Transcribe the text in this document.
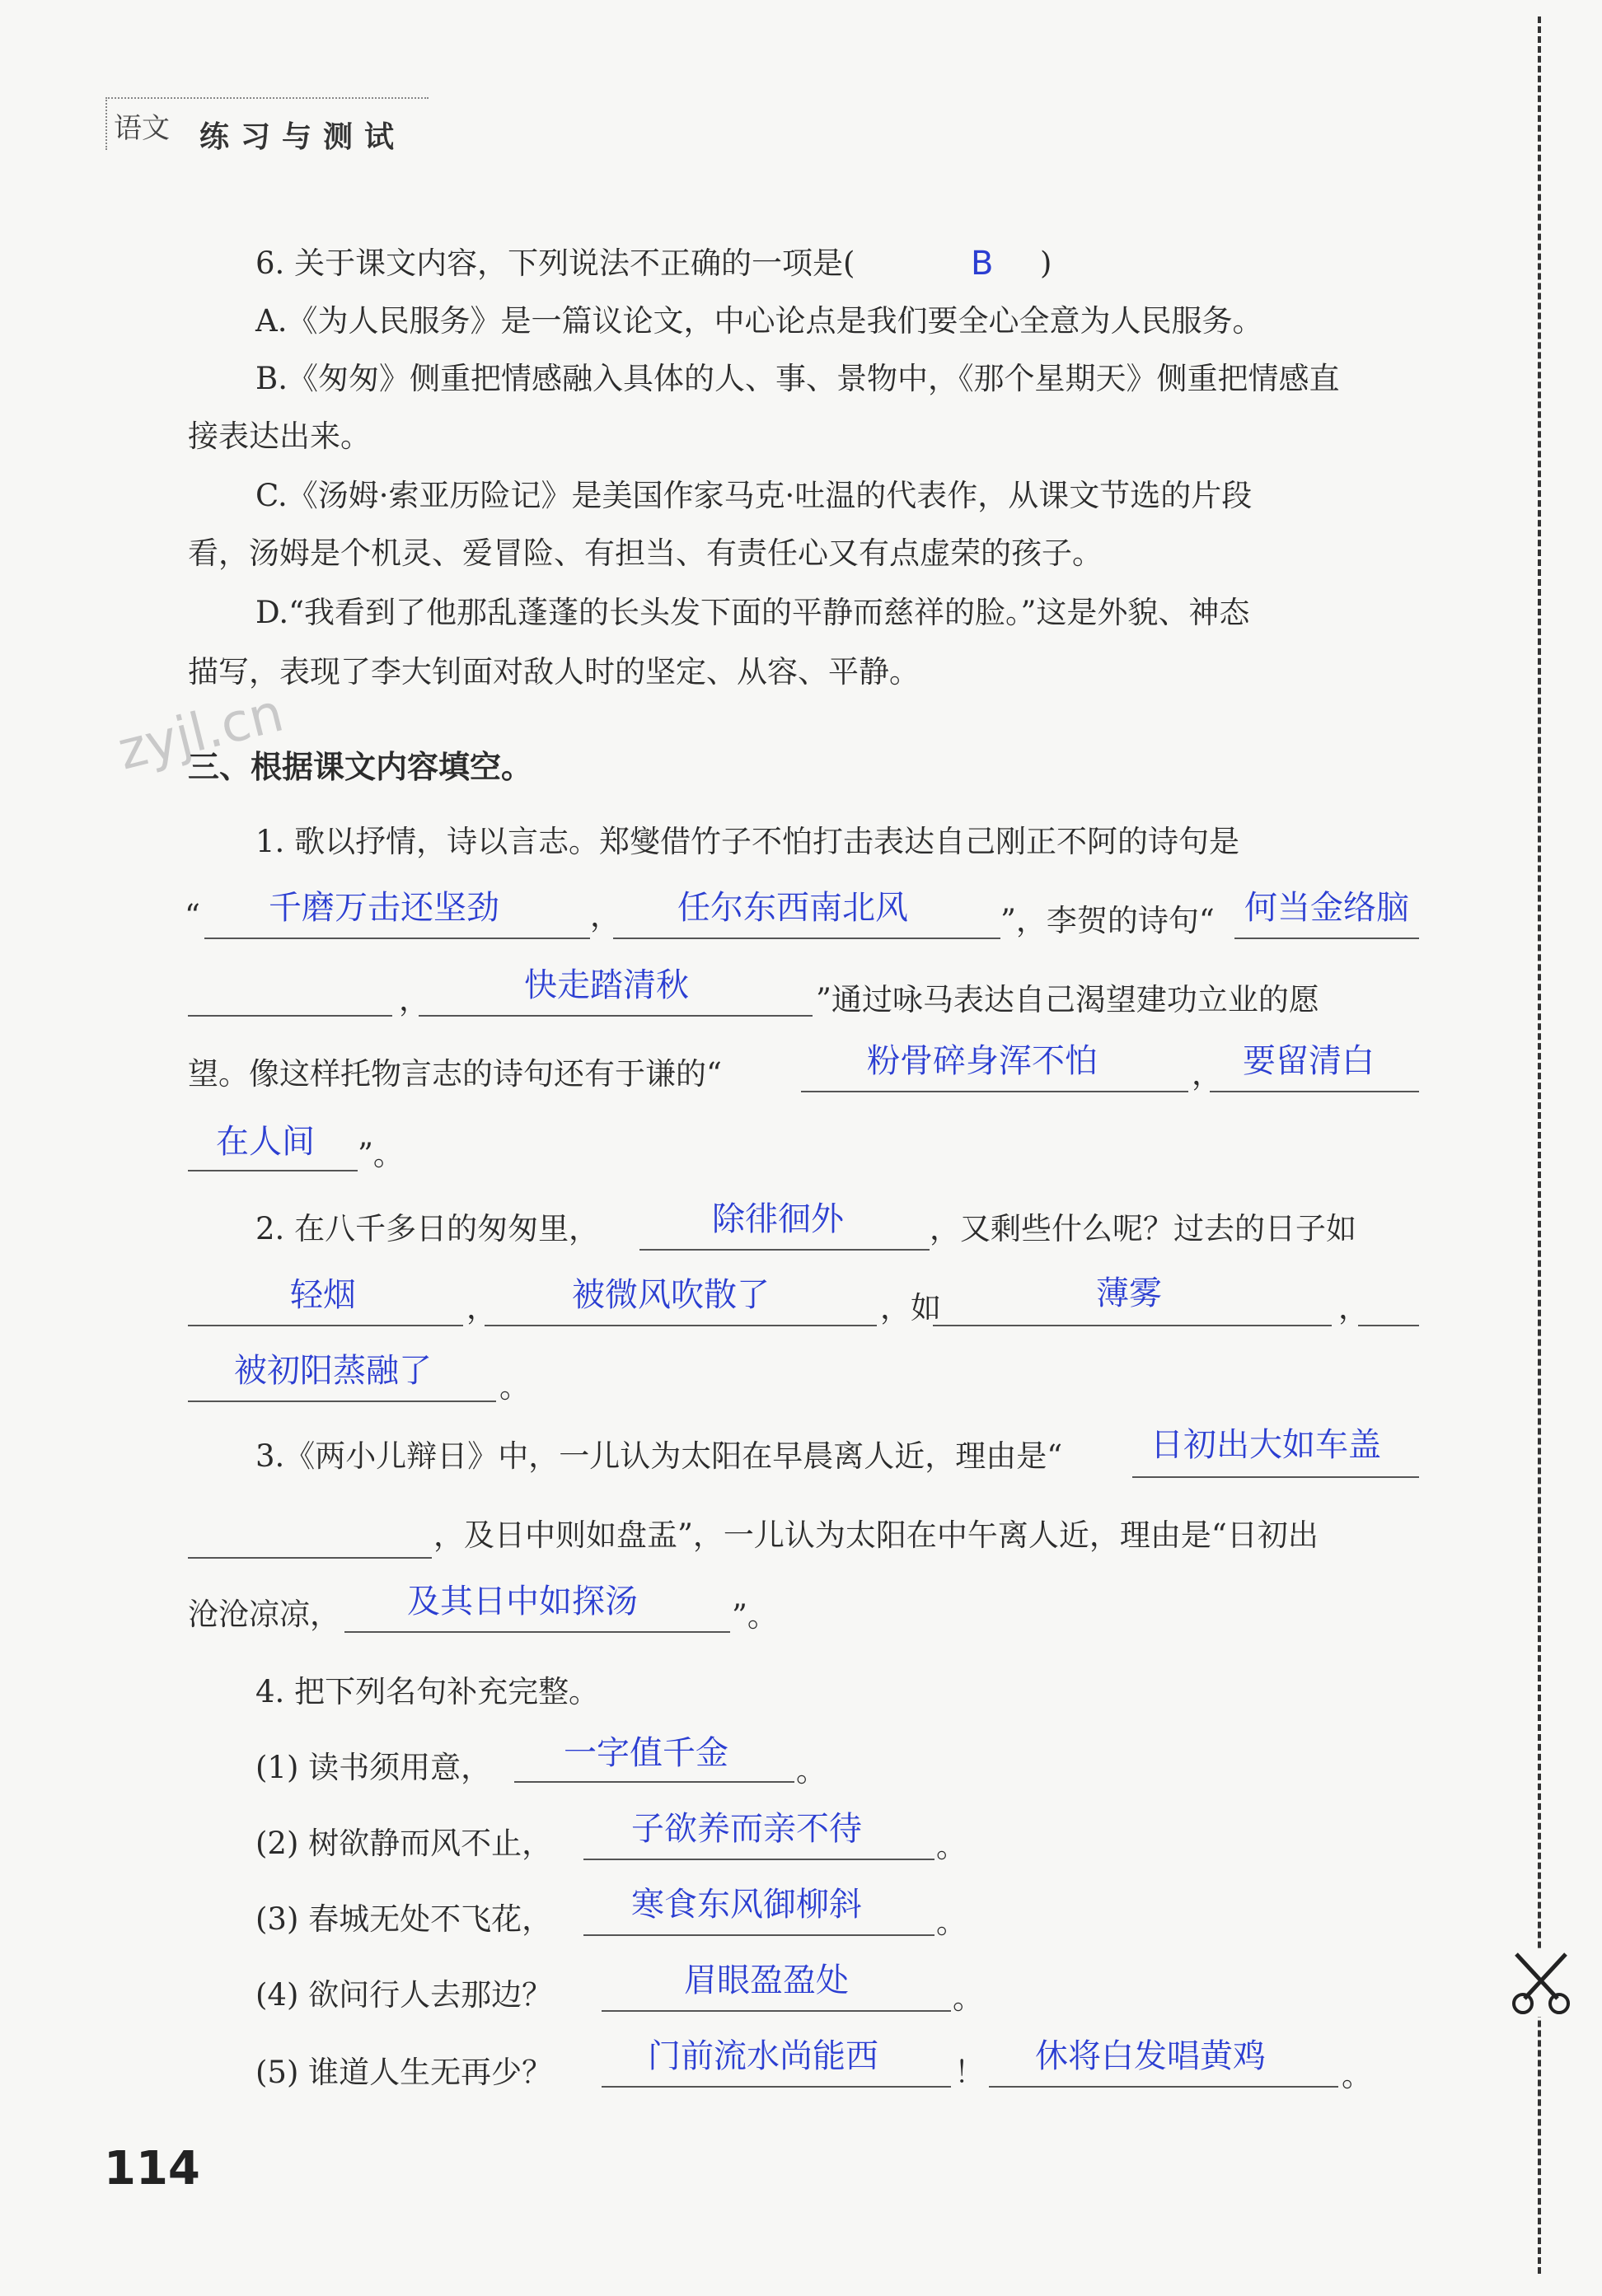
语文 练习与测试
6. 关于课文内容，下列说法不正确的一项是(	B )
A.《为人民服务》是一篇议论文，中心论点是我们要全心全意为人民服务。
B.《匆匆》侧重把情感融入具体的人、事、景物中，《那个星期天》侧重把情感直
接表达出来。
C.《汤姆·索亚历险记》是美国作家马克·吐温的代表作，从课文节选的片段
看，汤姆是个机灵、爱冒险、有担当、有责任心又有点虚荣的孩子。
D.“我看到了他那乱蓬蓬的长头发下面的平静而慈祥的脸。”这是外貌、神态
描写，表现了李大钊面对敌人时的坚定、从容、平静。
zyjl.cn
三、根据课文内容填空。
1. 歌以抒情，诗以言志。郑燮借竹子不怕打击表达自己刚正不阿的诗句是
“ 千磨万击还坚劲	， 任尔东西南北风	”，李贺的诗句“ 何当金络脑
，	快走踏清秋	”通过咏马表达自己渴望建功立业的愿
望。像这样托物言志的诗句还有于谦的“	粉骨碎身浑不怕	， 要留清白
在人间 ”。
2. 在八千多日的匆匆里，	除徘徊外	，又剩些什么呢？过去的日子如
轻烟	， 被微风吹散了	，如	薄雾	，
被初阳蒸融了 。
3.《两小儿辩日》中，一儿认为太阳在早晨离人近，理由是“	日初出大如车盖
，及日中则如盘盂”，一儿认为太阳在中午离人近，理由是“日初出
沧沧凉凉， 及其日中如探汤	”。
4. 把下列名句补充完整。
(1) 读书须用意， 一字值千金 。
(2) 树欲静而风不止， 子欲养而亲不待 。
(3) 春城无处不飞花， 寒食东风御柳斜 。
(4) 欲问行人去那边？	眉眼盈盈处	。
(5) 谁道人生无再少？	门前流水尚能西 ！ 休将白发唱黄鸡
。
114
